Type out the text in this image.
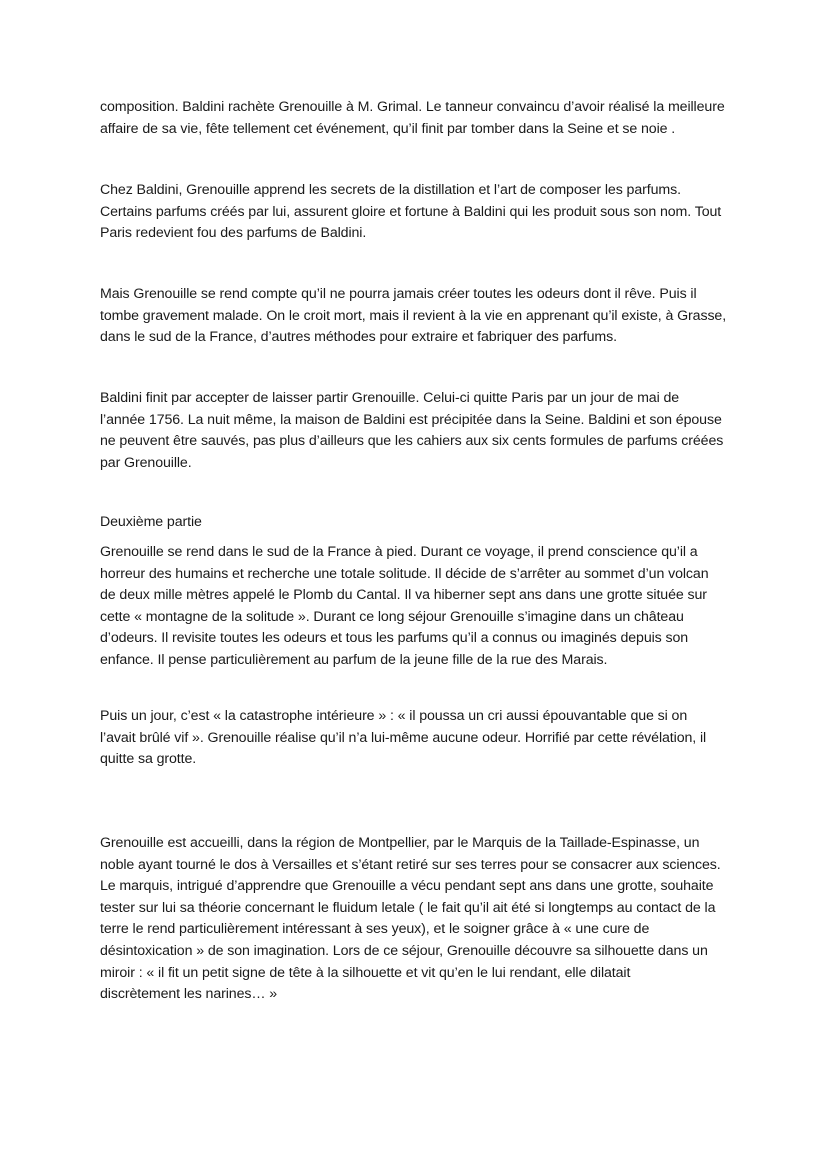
composition. Baldini rachète Grenouille à M. Grimal. Le tanneur convaincu d’avoir réalisé la meilleure
affaire de sa vie, fête tellement cet événement, qu’il finit par tomber dans la Seine et se noie .

Chez Baldini, Grenouille apprend les secrets de la distillation et l’art de composer les parfums.
Certains parfums créés par lui, assurent gloire et fortune à Baldini qui les produit sous son nom. Tout
Paris redevient fou des parfums de Baldini.

Mais Grenouille se rend compte qu’il ne pourra jamais créer toutes les odeurs dont il rêve. Puis il
tombe gravement malade. On le croit mort, mais il revient à la vie en apprenant qu’il existe, à Grasse,
dans le sud de la France, d’autres méthodes pour extraire et fabriquer des parfums.

Baldini finit par accepter de laisser partir Grenouille. Celui-ci quitte Paris par un jour de mai de
l’année 1756. La nuit même, la maison de Baldini est précipitée dans la Seine. Baldini et son épouse
ne peuvent être sauvés, pas plus d’ailleurs que les cahiers aux six cents formules de parfums créées
par Grenouille.

Deuxième partie

Grenouille se rend dans le sud de la France à pied. Durant ce voyage, il prend conscience qu’il a
horreur des humains et recherche une totale solitude. Il décide de s’arrêter au sommet d’un volcan
de deux mille mètres appelé le Plomb du Cantal. Il va hiberner sept ans dans une grotte située sur
cette « montagne de la solitude ». Durant ce long séjour Grenouille s’imagine dans un château
d’odeurs. Il revisite toutes les odeurs et tous les parfums qu’il a connus ou imaginés depuis son
enfance. Il pense particulièrement au parfum de la jeune fille de la rue des Marais.

Puis un jour, c’est « la catastrophe intérieure » : « il poussa un cri aussi épouvantable que si on
l’avait brûlé vif ». Grenouille réalise qu’il n’a lui-même aucune odeur. Horrifié par cette révélation, il
quitte sa grotte.

Grenouille est accueilli, dans la région de Montpellier, par le Marquis de la Taillade-Espinasse, un
noble ayant tourné le dos à Versailles et s’étant retiré sur ses terres pour se consacrer aux sciences.
Le marquis, intrigué d’apprendre que Grenouille a vécu pendant sept ans dans une grotte, souhaite
tester sur lui sa théorie concernant le fluidum letale ( le fait qu’il ait été si longtemps au contact de la
terre le rend particulièrement intéressant à ses yeux), et le soigner grâce à « une cure de
désintoxication » de son imagination. Lors de ce séjour, Grenouille découvre sa silhouette dans un
miroir : « il fit un petit signe de tête à la silhouette et vit qu’en le lui rendant, elle dilatait
discrètement les narines… »
